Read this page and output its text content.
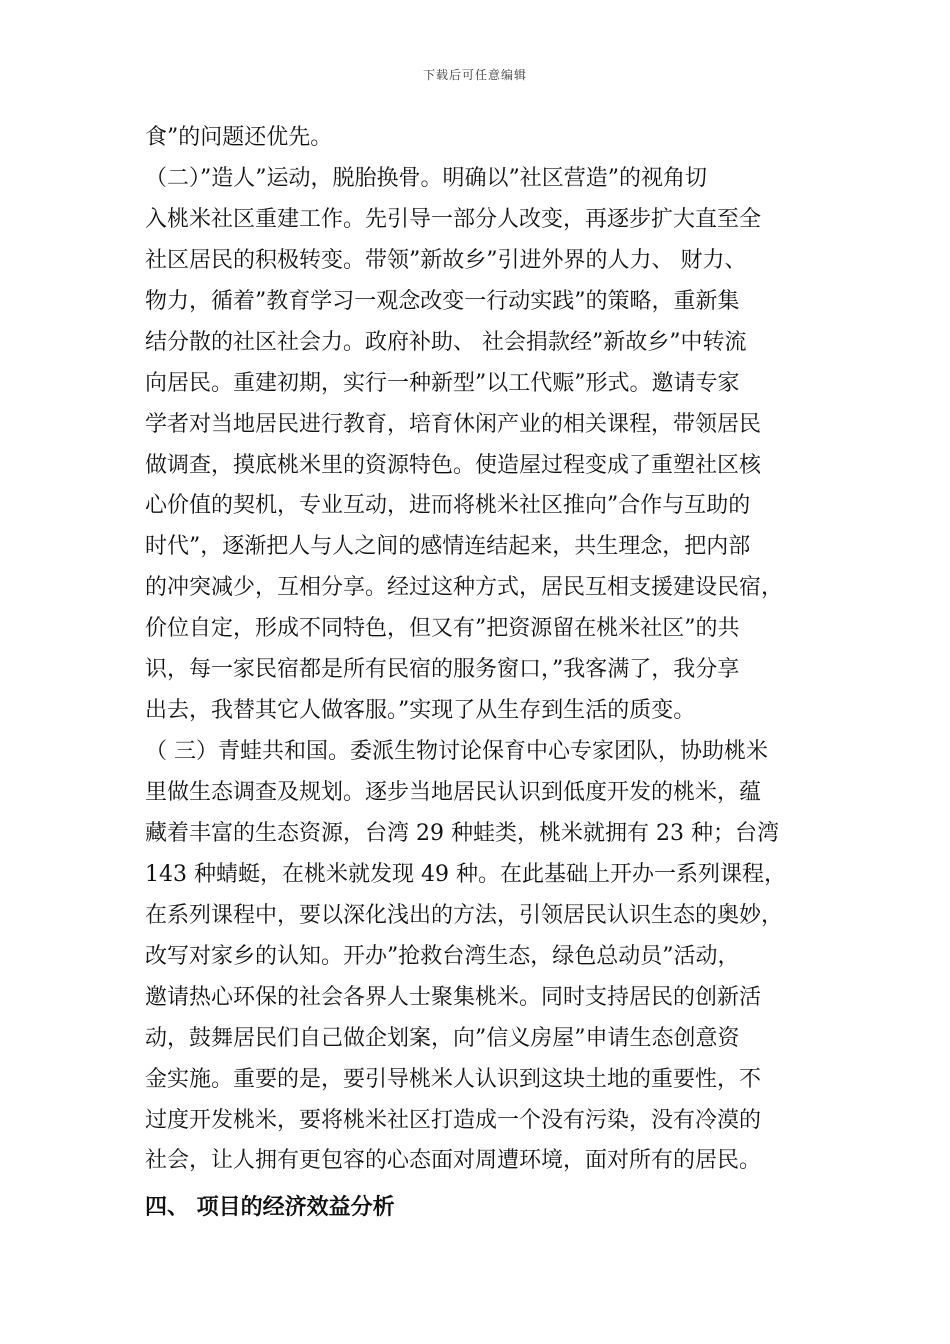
下载后可任意编辑
食”的问题还优先。
（二）”造人”运动，脱胎换骨。明确以”社区营造”的视角切
入桃米社区重建工作。先引导一部分人改变，再逐步扩大直至全
社区居民的积极转变。带领”新故乡”引进外界的人力、 财力、
物力，循着”教育学习一观念改变一行动实践”的策略，重新集
结分散的社区社会力。政府补助、 社会捐款经”新故乡”中转流
向居民。重建初期，实行一种新型”以工代赈”形式。邀请专家
学者对当地居民进行教育，培育休闲产业的相关课程，带领居民
做调查，摸底桃米里的资源特色。使造屋过程变成了重塑社区核
心价值的契机，专业互动，进而将桃米社区推向”合作与互助的
时代”，逐渐把人与人之间的感情连结起来，共生理念，把内部
的冲突减少，互相分享。经过这种方式，居民互相支援建设民宿，
价位自定，形成不同特色，但又有”把资源留在桃米社区”的共
识，每一家民宿都是所有民宿的服务窗口，”我客满了，我分享
出去，我替其它人做客服。”实现了从生存到生活的质变。
（ 三）青蛙共和国。委派生物讨论保育中心专家团队，协助桃米
里做生态调查及规划。逐步当地居民认识到低度开发的桃米，蕴
藏着丰富的生态资源，台湾 29 种蛙类，桃米就拥有 23 种；台湾
143 种蜻蜓，在桃米就发现 49 种。在此基础上开办一系列课程，
在系列课程中，要以深化浅出的方法，引领居民认识生态的奥妙，
改写对家乡的认知。开办”抢救台湾生态，绿色总动员”活动，
邀请热心环保的社会各界人士聚集桃米。同时支持居民的创新活
动，鼓舞居民们自己做企划案，向”信义房屋”申请生态创意资
金实施。重要的是，要引导桃米人认识到这块土地的重要性，不
过度开发桃米，要将桃米社区打造成一个没有污染，没有冷漠的
社会，让人拥有更包容的心态面对周遭环境，面对所有的居民。
四、 项目的经济效益分析
